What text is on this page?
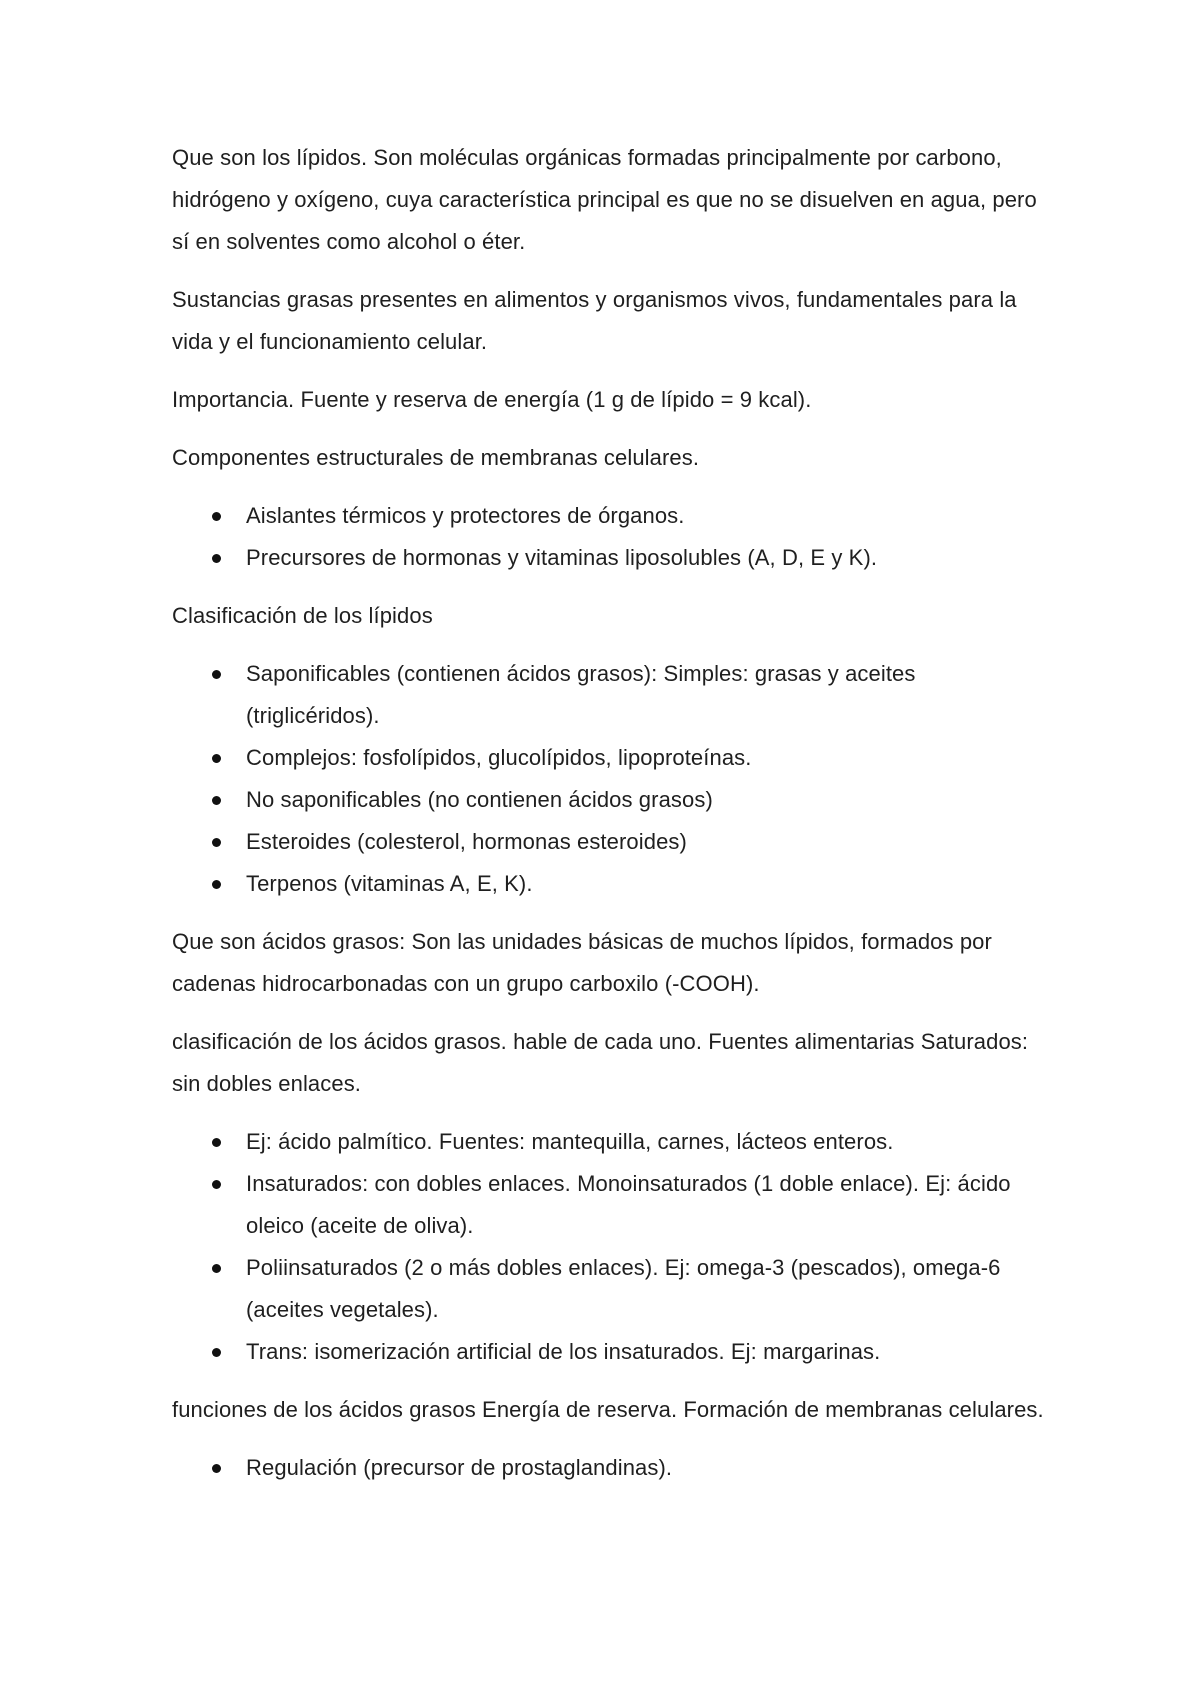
Que son los lípidos. Son moléculas orgánicas formadas principalmente por carbono, hidrógeno y oxígeno, cuya característica principal es que no se disuelven en agua, pero sí en solventes como alcohol o éter.

Sustancias grasas presentes en alimentos y organismos vivos, fundamentales para la vida y el funcionamiento celular.

Importancia. Fuente y reserva de energía (1 g de lípido = 9 kcal).

Componentes estructurales de membranas celulares.

Aislantes térmicos y protectores de órganos.
Precursores de hormonas y vitaminas liposolubles (A, D, E y K).

Clasificación de los lípidos

Saponificables (contienen ácidos grasos): Simples: grasas y aceites (triglicéridos).
Complejos: fosfolípidos, glucolípidos, lipoproteínas.
No saponificables (no contienen ácidos grasos)
Esteroides (colesterol, hormonas esteroides)
Terpenos (vitaminas A, E, K).

Que son ácidos grasos: Son las unidades básicas de muchos lípidos, formados por cadenas hidrocarbonadas con un grupo carboxilo (-COOH).

clasificación de los ácidos grasos. hable de cada uno. Fuentes alimentarias Saturados: sin dobles enlaces.

Ej: ácido palmítico. Fuentes: mantequilla, carnes, lácteos enteros.
Insaturados: con dobles enlaces. Monoinsaturados (1 doble enlace). Ej: ácido oleico (aceite de oliva).
Poliinsaturados (2 o más dobles enlaces). Ej: omega-3 (pescados), omega-6 (aceites vegetales).
Trans: isomerización artificial de los insaturados. Ej: margarinas.

funciones de los ácidos grasos Energía de reserva. Formación de membranas celulares.

Regulación (precursor de prostaglandinas).
